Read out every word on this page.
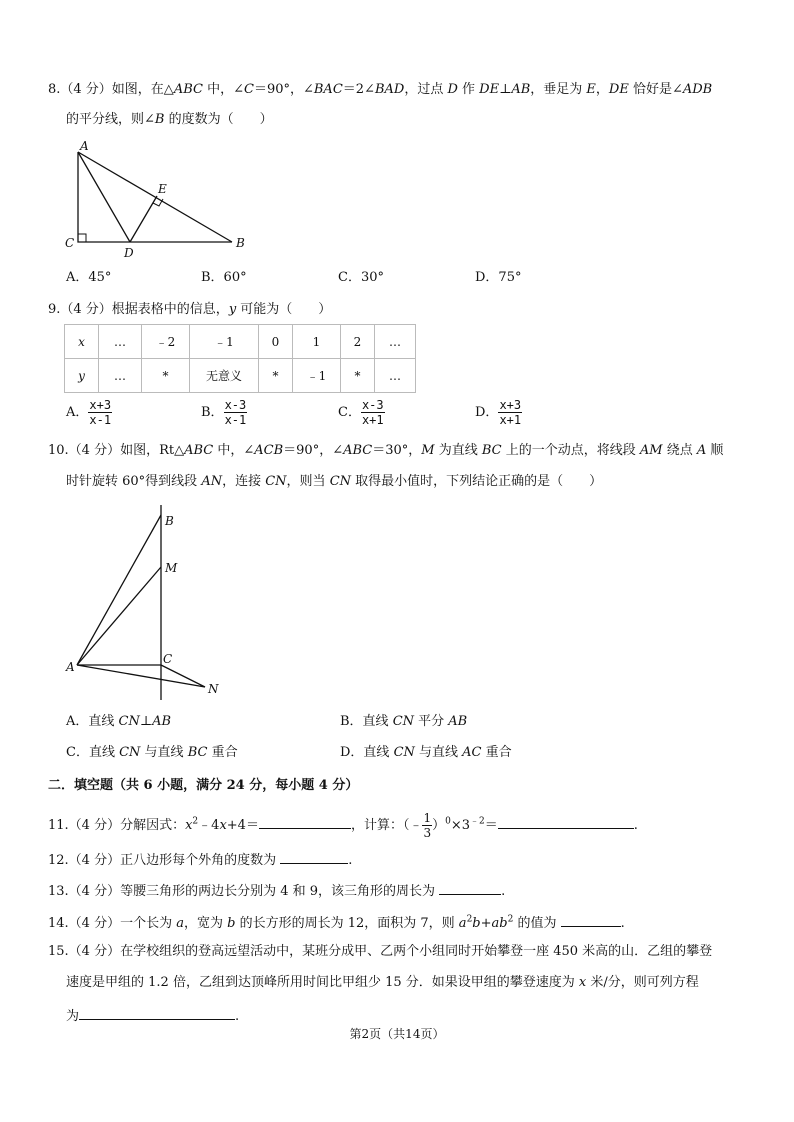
8.（4 分）如图，在△ABC 中，∠C＝90°，∠BAC＝2∠BAD，过点 D 作 DE⊥AB，垂足为 E，DE 恰好是∠ADB
的平分线，则∠B 的度数为（　　）
A
E
C
D
B
A．45°	B．60°	C．30°	D．75°
9.（4 分）根据表格中的信息，y 可能为（　　）
x	…	﹣2	﹣1	0	1	2	…
y	…	*	无意义	*	﹣1	*	…
A． $\frac{x+3}{x-1}$	B． $\frac{x-3}{x-1}$	C． $\frac{x-3}{x+1}$	D． $\frac{x+3}{x+1}$
10.（4 分）如图，Rt△ABC 中，∠ACB＝90°，∠ABC＝30°，M 为直线 BC 上的一个动点，将线段 AM 绕点 A 顺
时针旋转 60°得到线段 AN，连接 CN，则当 CN 取得最小值时，下列结论正确的是（　　）
B
M
A
C
N
A．直线 CN⊥AB	B．直线 CN 平分 AB
C．直线 CN 与直线 BC 重合	D．直线 CN 与直线 AC 重合
二．填空题（共 6 小题，满分 24 分，每小题 4 分）
11.（4 分）分解因式：$x^2﹣4x+4=$	，计算：（﹣ $\frac{1}{3} )^0\times 3^{﹣2}=$	.
12.（4 分）正八边形每个外角的度数为	.
13.（4 分）等腰三角形的两边长分别为 4 和 9，该三角形的周长为	.
14.（4 分）一个长为 a，宽为 b 的长方形的周长为 12，面积为 7，则 $a^2b+ab^2$ 的值为	.
15.（4 分）在学校组织的登高远望活动中，某班分成甲、乙两个小组同时开始攀登一座 450 米高的山．乙组的攀登
速度是甲组的 1.2 倍，乙组到达顶峰所用时间比甲组少 15 分．如果设甲组的攀登速度为 x 米/分，则可列方程
为	.
第2页（共14页）
